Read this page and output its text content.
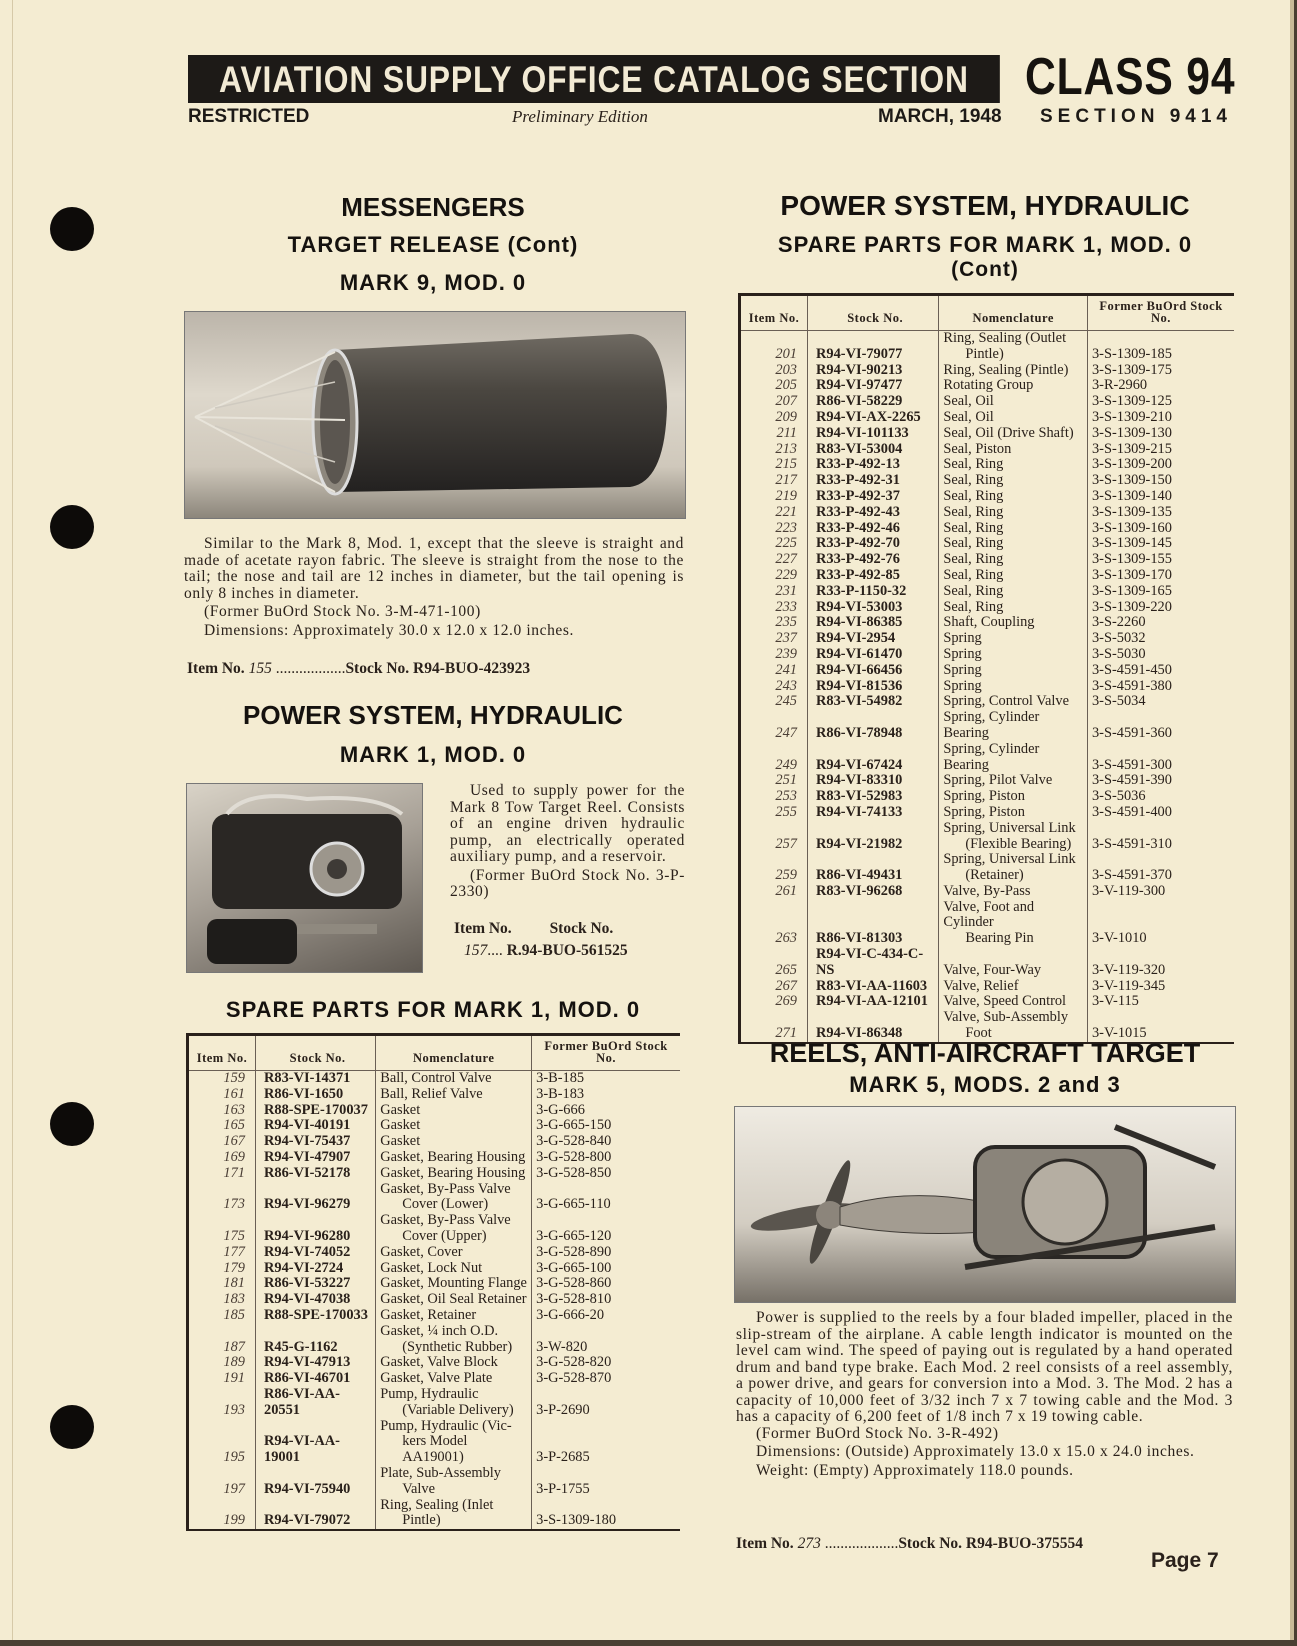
AVIATION SUPPLY OFFICE CATALOG SECTION	CLASS 94
RESTRICTED	Preliminary Edition	MARCH, 1948 SECTION 9414
MESSENGERS
TARGET RELEASE (Cont)
MARK 9, MOD. 0

Similar to the Mark 8, Mod. 1, except that the sleeve is straight and made of acetate rayon fabric. The sleeve is straight from the nose to the tail; the nose and tail are 12 inches in diameter, but the tail opening is only 8 inches in diameter.

(Former BuOrd Stock No. 3-M-471-100)

Dimensions: Approximately 30.0 x 12.0 x 12.0 inches.

Item No. 155 ..................Stock No. R94-BUO-423923
POWER SYSTEM, HYDRAULIC
MARK 1, MOD. 0

Used to supply power for the Mark 8 Tow Target Reel. Consists of an engine driven hydraulic pump, an electrically operated auxiliary pump, and a reservoir.

(Former BuOrd Stock No. 3-P-2330)

Item No. Stock No.
157.... R.94-BUO-561525
SPARE PARTS FOR MARK 1, MOD. 0
Item No.	Stock No.	Nomenclature	Former BuOrd Stock No.
159	R83-VI-14371	Ball, Control Valve	3-B-185
161	R86-VI-1650	Ball, Relief Valve	3-B-183
163	R88-SPE-170037	Gasket	3-G-666
165	R94-VI-40191	Gasket	3-G-665-150
167	R94-VI-75437	Gasket	3-G-528-840
169	R94-VI-47907	Gasket, Bearing Housing	3-G-528-800
171	R86-VI-52178	Gasket, Bearing Housing	3-G-528-850
173	R94-VI-96279	Gasket, By-Pass Valve
Cover (Lower)	3-G-665-110
175	R94-VI-96280	Gasket, By-Pass Valve
Cover (Upper)	3-G-665-120
177	R94-VI-74052	Gasket, Cover	3-G-528-890
179	R94-VI-2724	Gasket, Lock Nut	3-G-665-100
181	R86-VI-53227	Gasket, Mounting Flange	3-G-528-860
183	R94-VI-47038	Gasket, Oil Seal Retainer	3-G-528-810
185	R88-SPE-170033	Gasket, Retainer	3-G-666-20
187	R45-G-1162	Gasket, ¼ inch O.D.
(Synthetic Rubber)	3-W-820
189	R94-VI-47913	Gasket, Valve Block	3-G-528-820
191	R86-VI-46701	Gasket, Valve Plate	3-G-528-870
193	R86-VI-AA-20551	Pump, Hydraulic
(Variable Delivery)	3-P-2690
195	R94-VI-AA-19001	Pump, Hydraulic (Vic-
kers Model AA19001)	3-P-2685
197	R94-VI-75940	Plate, Sub-Assembly
Valve	3-P-1755
199	R94-VI-79072	Ring, Sealing (Inlet
Pintle)	3-S-1309-180
POWER SYSTEM, HYDRAULIC
SPARE PARTS FOR MARK 1, MOD. 0
(Cont)
Item No.	Stock No.	Nomenclature	Former BuOrd Stock No.
201	R94-VI-79077	Ring, Sealing (Outlet
Pintle)	3-S-1309-185
203	R94-VI-90213	Ring, Sealing (Pintle)	3-S-1309-175
205	R94-VI-97477	Rotating Group	3-R-2960
207	R86-VI-58229	Seal, Oil	3-S-1309-125
209	R94-VI-AX-2265	Seal, Oil	3-S-1309-210
211	R94-VI-101133	Seal, Oil (Drive Shaft)	3-S-1309-130
213	R83-VI-53004	Seal, Piston	3-S-1309-215
215	R33-P-492-13	Seal, Ring	3-S-1309-200
217	R33-P-492-31	Seal, Ring	3-S-1309-150
219	R33-P-492-37	Seal, Ring	3-S-1309-140
221	R33-P-492-43	Seal, Ring	3-S-1309-135
223	R33-P-492-46	Seal, Ring	3-S-1309-160
225	R33-P-492-70	Seal, Ring	3-S-1309-145
227	R33-P-492-76	Seal, Ring	3-S-1309-155
229	R33-P-492-85	Seal, Ring	3-S-1309-170
231	R33-P-1150-32	Seal, Ring	3-S-1309-165
233	R94-VI-53003	Seal, Ring	3-S-1309-220
235	R94-VI-86385	Shaft, Coupling	3-S-2260
237	R94-VI-2954	Spring	3-S-5032
239	R94-VI-61470	Spring	3-S-5030
241	R94-VI-66456	Spring	3-S-4591-450
243	R94-VI-81536	Spring	3-S-4591-380
245	R83-VI-54982	Spring, Control Valve	3-S-5034
247	R86-VI-78948	Spring, Cylinder Bearing	3-S-4591-360
249	R94-VI-67424	Spring, Cylinder Bearing	3-S-4591-300
251	R94-VI-83310	Spring, Pilot Valve	3-S-4591-390
253	R83-VI-52983	Spring, Piston	3-S-5036
255	R94-VI-74133	Spring, Piston	3-S-4591-400
257	R94-VI-21982	Spring, Universal Link
(Flexible Bearing)	3-S-4591-310
259	R86-VI-49431	Spring, Universal Link
(Retainer)	3-S-4591-370
261	R83-VI-96268	Valve, By-Pass	3-V-119-300
263	R86-VI-81303	Valve, Foot and Cylinder
Bearing Pin	3-V-1010
265	R94-VI-C-434-C-NS	Valve, Four-Way	3-V-119-320
267	R83-VI-AA-11603	Valve, Relief	3-V-119-345
269	R94-VI-AA-12101	Valve, Speed Control	3-V-115
271	R94-VI-86348	Valve, Sub-Assembly
Foot	3-V-1015
REELS, ANTI-AIRCRAFT TARGET
MARK 5, MODS. 2 and 3

Power is supplied to the reels by a four bladed impeller, placed in the slip-stream of the airplane. A cable length indicator is mounted on the level cam wind. The speed of paying out is regulated by a hand operated drum and band type brake. Each Mod. 2 reel consists of a reel assembly, a power drive, and gears for conversion into a Mod. 3. The Mod. 2 has a capacity of 10,000 feet of 3/32 inch 7 x 7 towing cable and the Mod. 3 has a capacity of 6,200 feet of 1/8 inch 7 x 19 towing cable.

(Former BuOrd Stock No. 3-R-492)

Dimensions: (Outside) Approximately 13.0 x 15.0 x 24.0 inches.

Weight: (Empty) Approximately 118.0 pounds.

Item No. 273 ...................Stock No. R94-BUO-375554
Page 7
